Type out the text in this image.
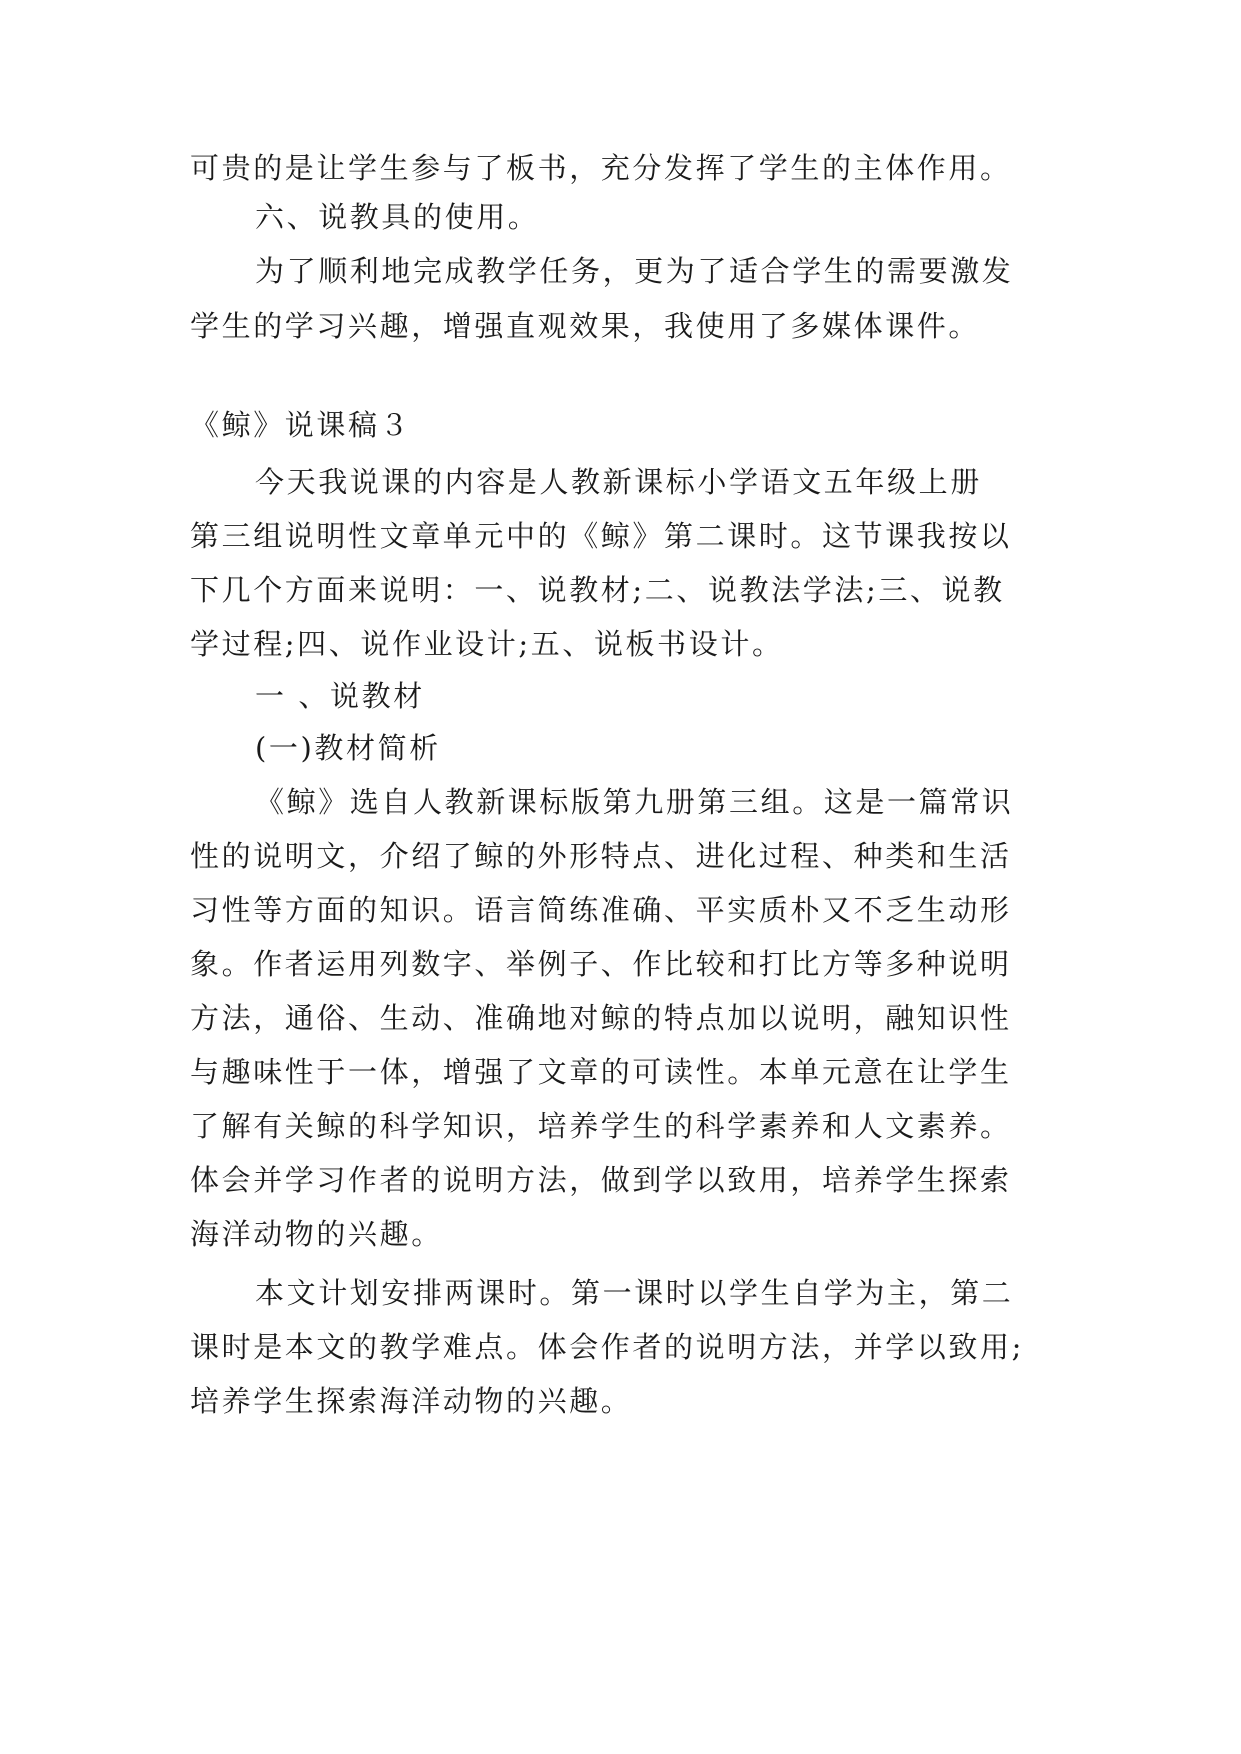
可贵的是让学生参与了板书，充分发挥了学生的主体作用。
六、说教具的使用。
为了顺利地完成教学任务，更为了适合学生的需要激发
学生的学习兴趣，增强直观效果，我使用了多媒体课件。
《鲸》说课稿３
今天我说课的内容是人教新课标小学语文五年级上册
第三组说明性文章单元中的《鲸》第二课时。这节课我按以
下几个方面来说明：一、说教材;二、说教法学法;三、说教
学过程;四、说作业设计;五、说板书设计。
一 、说教材
(一)教材简析
《鲸》选自人教新课标版第九册第三组。这是一篇常识
性的说明文，介绍了鲸的外形特点、进化过程、种类和生活
习性等方面的知识。语言简练准确、平实质朴又不乏生动形
象。作者运用列数字、举例子、作比较和打比方等多种说明
方法，通俗、生动、准确地对鲸的特点加以说明，融知识性
与趣味性于一体，增强了文章的可读性。本单元意在让学生
了解有关鲸的科学知识，培养学生的科学素养和人文素养。
体会并学习作者的说明方法，做到学以致用，培养学生探索
海洋动物的兴趣。
本文计划安排两课时。第一课时以学生自学为主，第二
课时是本文的教学难点。体会作者的说明方法，并学以致用;
培养学生探索海洋动物的兴趣。
